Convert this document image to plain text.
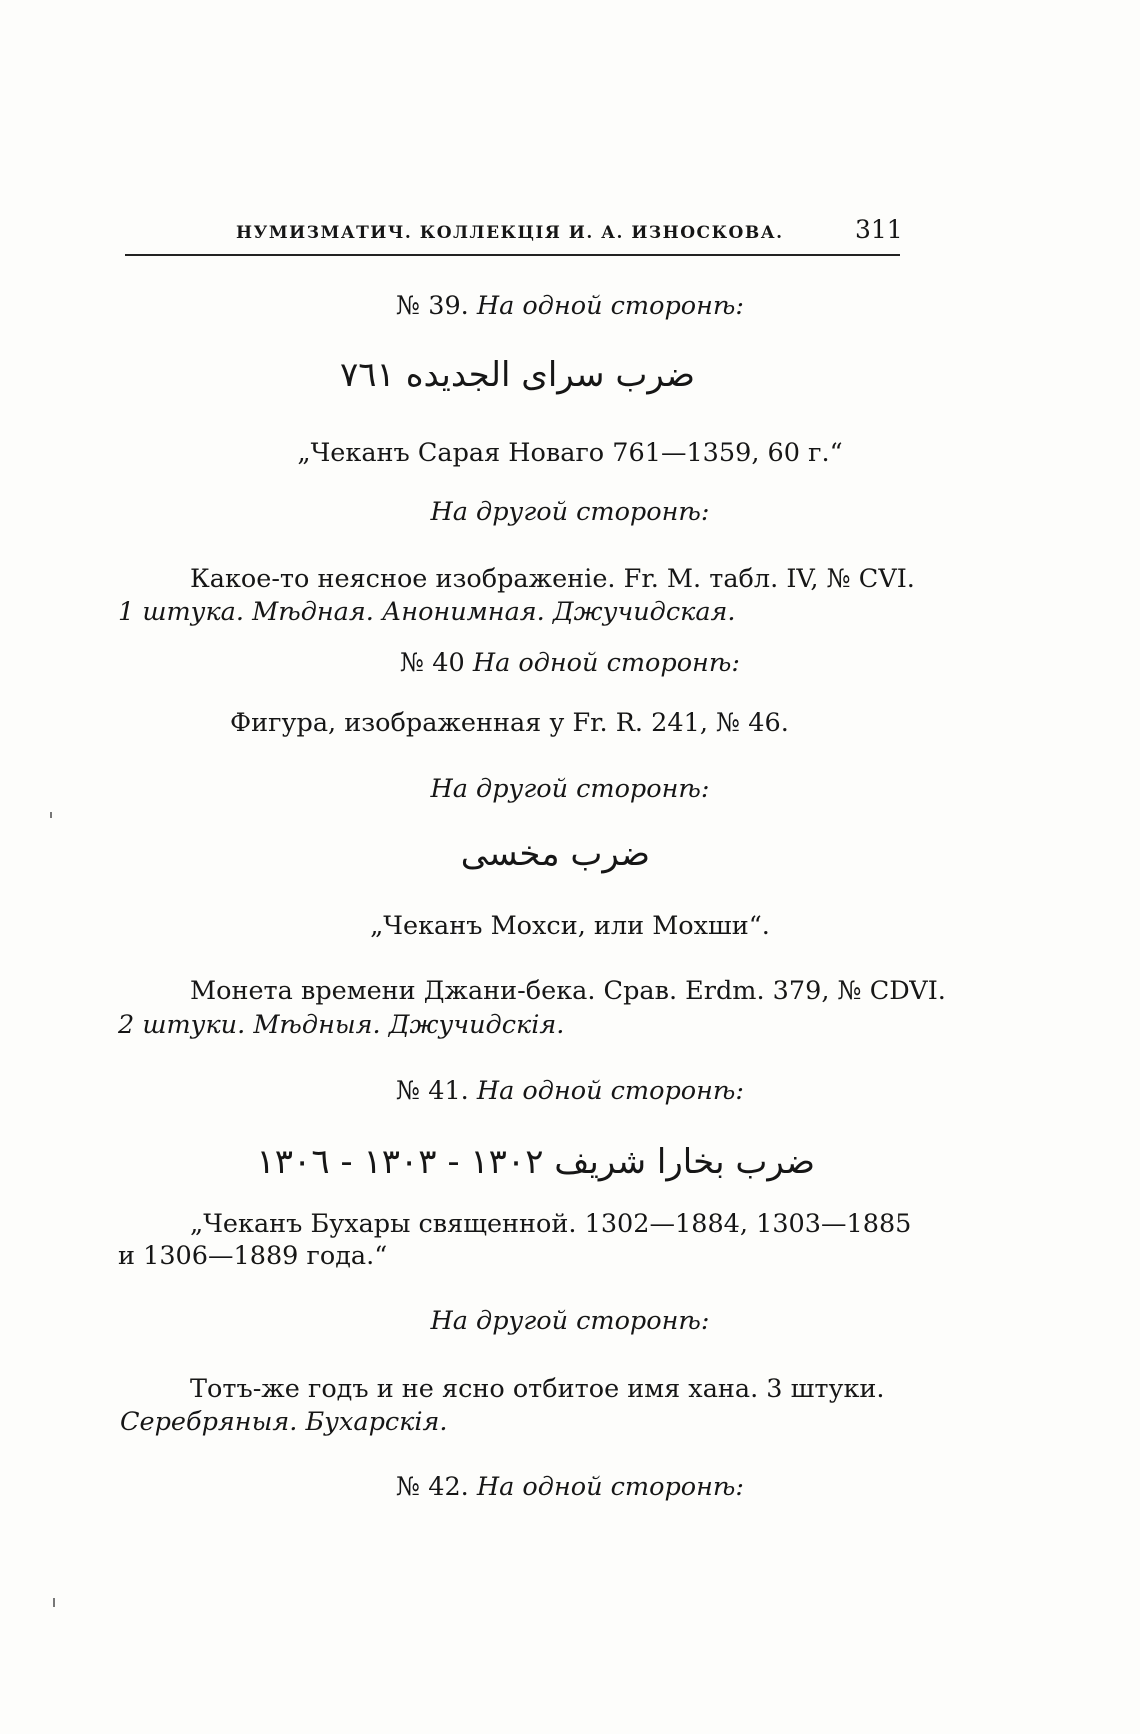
НУМИЗМАТИЧ. КОЛЛЕКЦІЯ И. А. ИЗНОСКОВА.	311
№ 39. На одной сторонѣ:
ضرب سرای الجدیده
٧٦١
„Чеканъ Сарая Новаго 761—1359, 60 г.“
На другой сторонѣ:
Какое-то неясное изображеніе. Fr. M. табл. IV, № CVI.
1 штука. Мѣдная. Анонимная. Джучидская.
№ 40 На одной сторонѣ:
Фигура, изображенная у Fr. R. 241, № 46.
На другой сторонѣ:
ضرب مخسی
„Чеканъ Мохси, или Мохши“.
Монета времени Джани-бека. Срав. Erdm. 379, № CDVI.
2 штуки. Мѣдныя. Джучидскія.
№ 41. На одной сторонѣ:
ضرب بخارا شریف
١٣٠٢ - ١٣٠٣ - ١٣٠٦
„Чеканъ Бухары священной. 1302—1884, 1303—1885
и 1306—1889 года.“
На другой сторонѣ:
Тотъ-же годъ и не ясно отбитое имя хана. 3 штуки.
Серебряныя. Бухарскія.
№ 42. На одной сторонѣ:
